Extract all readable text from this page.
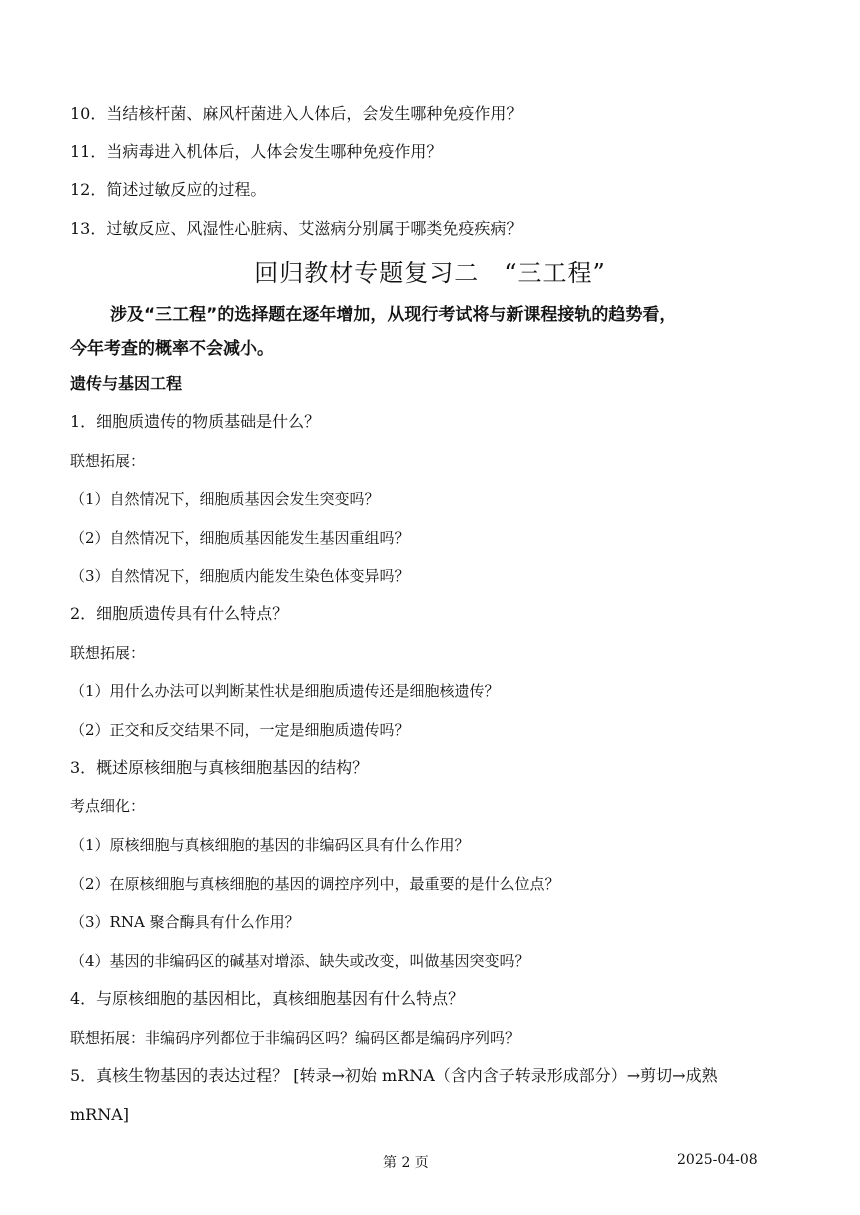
10．当结核杆菌、麻风杆菌进入人体后，会发生哪种免疫作用？
11．当病毒进入机体后，人体会发生哪种免疫作用？
12．简述过敏反应的过程。
13．过敏反应、风湿性心脏病、艾滋病分别属于哪类免疫疾病？
回归教材专题复习二　“三工程”
涉及“三工程”的选择题在逐年增加，从现行考试将与新课程接轨的趋势看，
今年考查的概率不会减小。
遗传与基因工程
1．细胞质遗传的物质基础是什么？
联想拓展：
（1）自然情况下，细胞质基因会发生突变吗？
（2）自然情况下，细胞质基因能发生基因重组吗？
（3）自然情况下，细胞质内能发生染色体变异吗？
2．细胞质遗传具有什么特点？
联想拓展：
（1）用什么办法可以判断某性状是细胞质遗传还是细胞核遗传？
（2）正交和反交结果不同，一定是细胞质遗传吗？
3．概述原核细胞与真核细胞基因的结构？
考点细化：
（1）原核细胞与真核细胞的基因的非编码区具有什么作用？
（2）在原核细胞与真核细胞的基因的调控序列中，最重要的是什么位点？
（3）RNA 聚合酶具有什么作用？
（4）基因的非编码区的碱基对增添、缺失或改变，叫做基因突变吗？
4．与原核细胞的基因相比，真核细胞基因有什么特点？
联想拓展：非编码序列都位于非编码区吗？编码区都是编码序列吗？
5．真核生物基因的表达过程？ [转录→初始 mRNA（含内含子转录形成部分）→剪切→成熟
mRNA]
第 2 页	2025-04-08
